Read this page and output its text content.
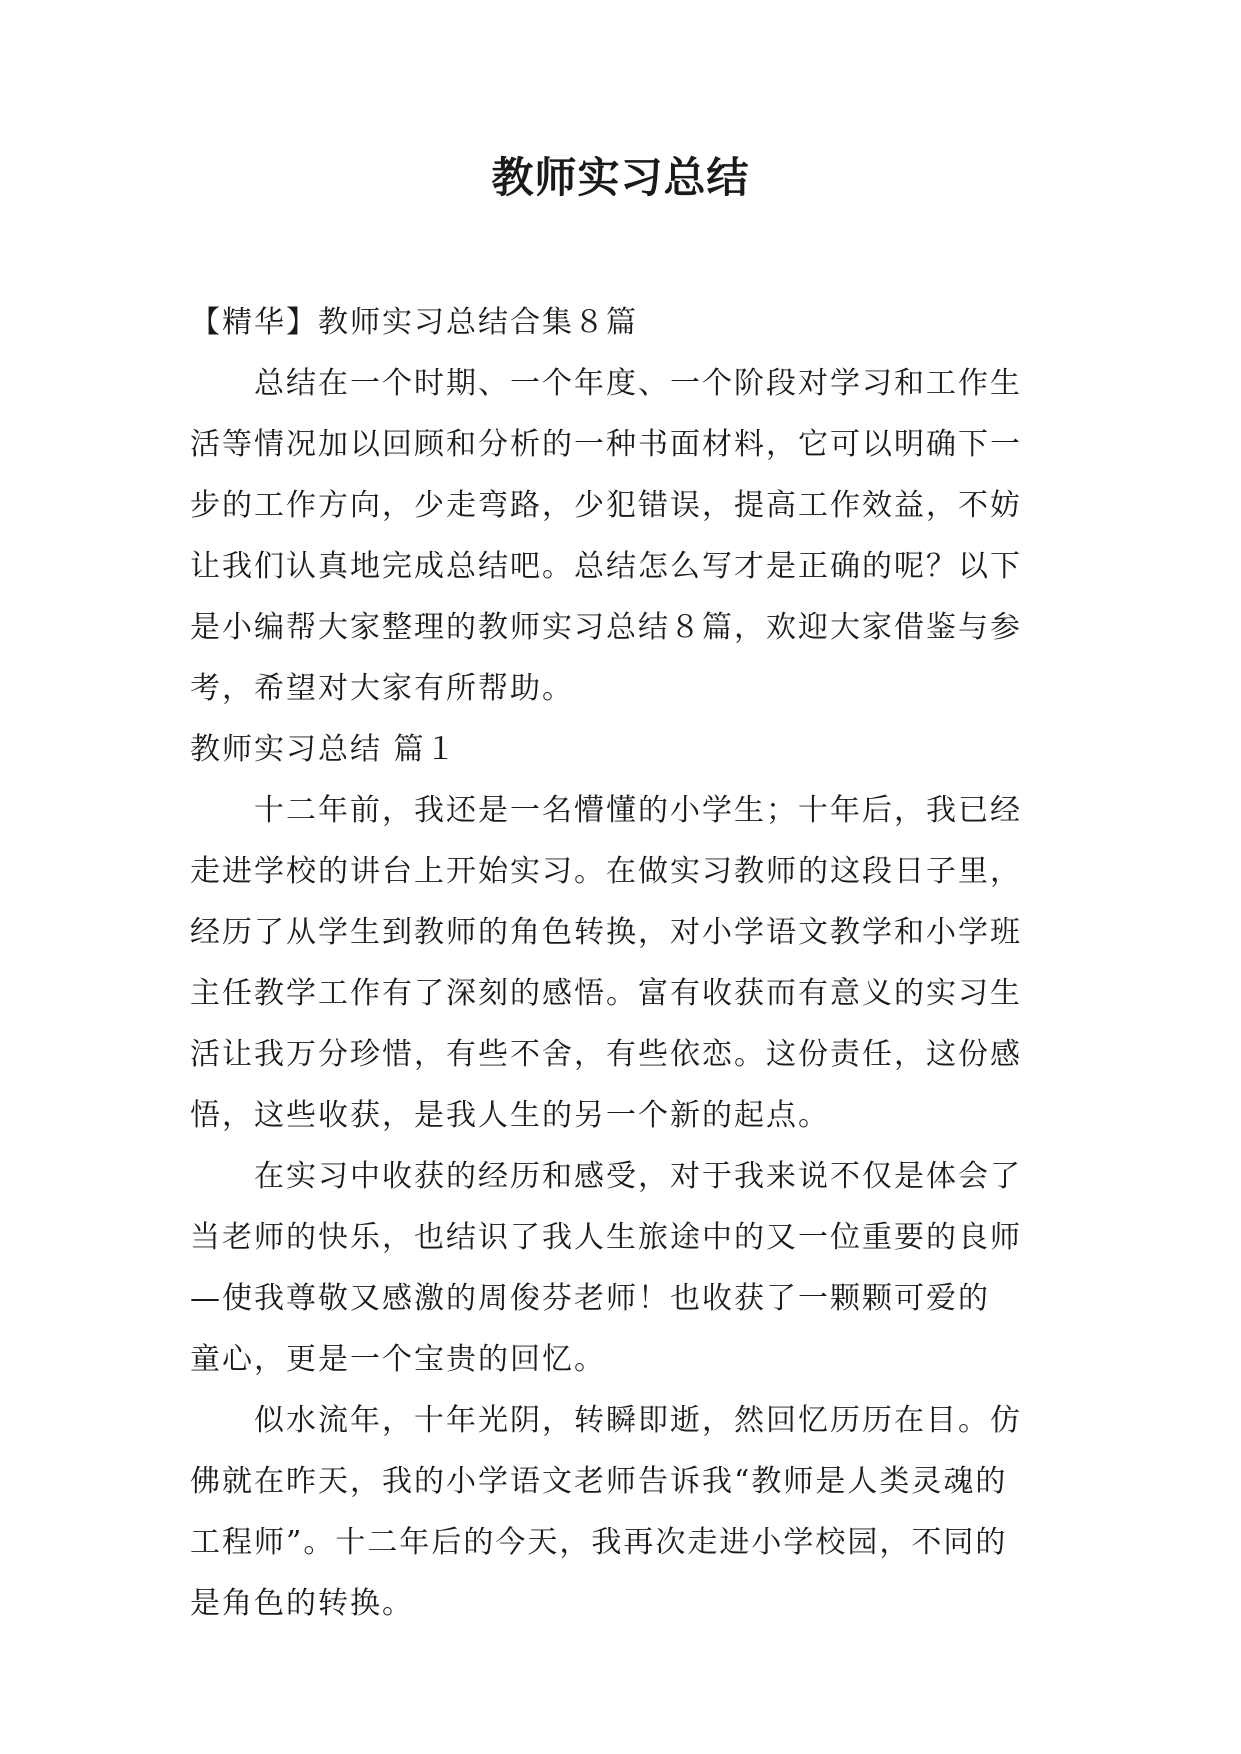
教师实习总结
【精华】教师实习总结合集８篇
总结在一个时期、一个年度、一个阶段对学习和工作生
活等情况加以回顾和分析的一种书面材料，它可以明确下一
步的工作方向，少走弯路，少犯错误，提高工作效益，不妨
让我们认真地完成总结吧。总结怎么写才是正确的呢？以下
是小编帮大家整理的教师实习总结８篇，欢迎大家借鉴与参
考，希望对大家有所帮助。
教师实习总结 篇１
十二年前，我还是一名懵懂的小学生；十年后，我已经
走进学校的讲台上开始实习。在做实习教师的这段日子里，
经历了从学生到教师的角色转换，对小学语文教学和小学班
主任教学工作有了深刻的感悟。富有收获而有意义的实习生
活让我万分珍惜，有些不舍，有些依恋。这份责任，这份感
悟，这些收获，是我人生的另一个新的起点。
在实习中收获的经历和感受，对于我来说不仅是体会了
当老师的快乐，也结识了我人生旅途中的又一位重要的良师
—使我尊敬又感激的周俊芬老师！也收获了一颗颗可爱的
童心，更是一个宝贵的回忆。
似水流年，十年光阴，转瞬即逝，然回忆历历在目。仿
佛就在昨天，我的小学语文老师告诉我“教师是人类灵魂的
工程师”。十二年后的今天，我再次走进小学校园，不同的
是角色的转换。
